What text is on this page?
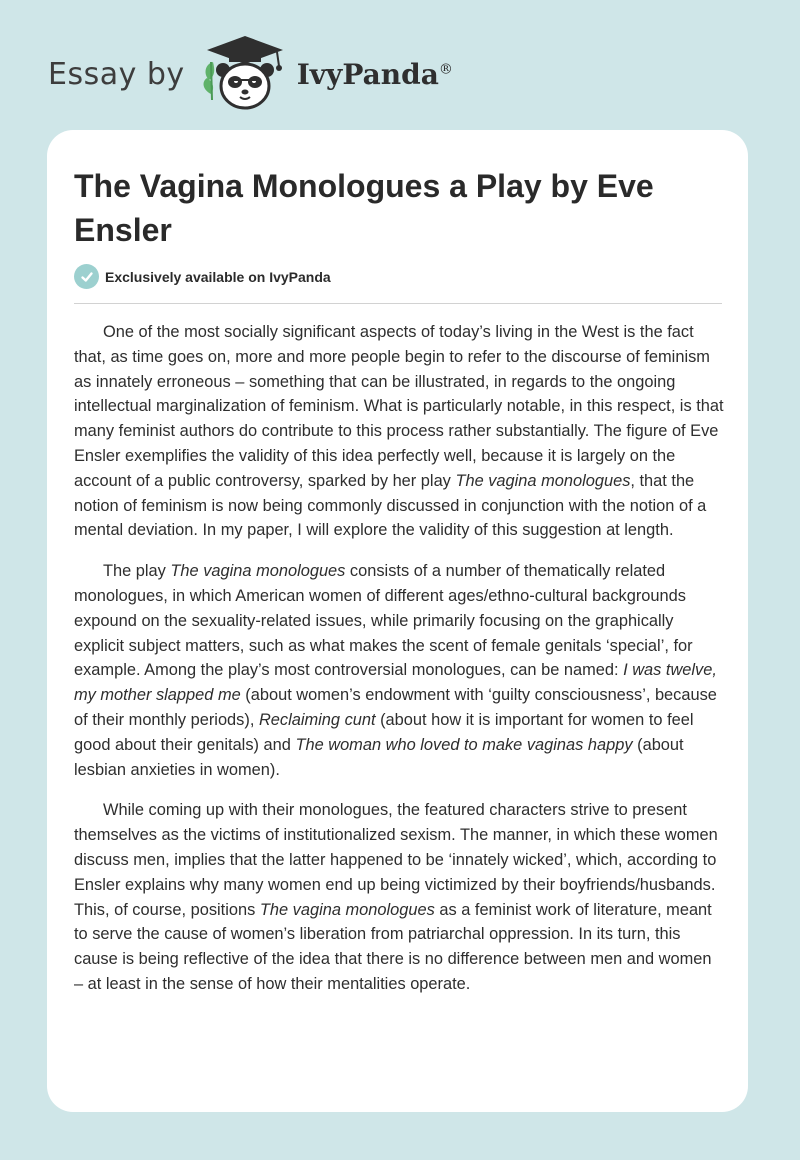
Essay by	IvyPanda®
The Vagina Monologues a Play by Eve Ensler
Exclusively available on IvyPanda

One of the most socially significant aspects of today’s living in the West is the fact that, as time goes on, more and more people begin to refer to the discourse of feminism as innately erroneous – something that can be illustrated, in regards to the ongoing intellectual marginalization of feminism. What is particularly notable, in this respect, is that many feminist authors do contribute to this process rather substantially. The figure of Eve Ensler exemplifies the validity of this idea perfectly well, because it is largely on the account of a public controversy, sparked by her play The vagina monologues, that the notion of feminism is now being commonly discussed in conjunction with the notion of a mental deviation. In my paper, I will explore the validity of this suggestion at length.

The play The vagina monologues consists of a number of thematically related monologues, in which American women of different ages/ethno-cultural backgrounds expound on the sexuality-related issues, while primarily focusing on the graphically explicit subject matters, such as what makes the scent of female genitals ‘special’, for example. Among the play’s most controversial monologues, can be named: I was twelve, my mother slapped me (about women’s endowment with ‘guilty consciousness’, because of their monthly periods), Reclaiming cunt (about how it is important for women to feel good about their genitals) and The woman who loved to make vaginas happy (about lesbian anxieties in women).

While coming up with their monologues, the featured characters strive to present themselves as the victims of institutionalized sexism. The manner, in which these women discuss men, implies that the latter happened to be ‘innately wicked’, which, according to Ensler explains why many women end up being victimized by their boyfriends/husbands. This, of course, positions The vagina monologues as a feminist work of literature, meant to serve the cause of women’s liberation from patriarchal oppression. In its turn, this cause is being reflective of the idea that there is no difference between men and women – at least in the sense of how their mentalities operate.
